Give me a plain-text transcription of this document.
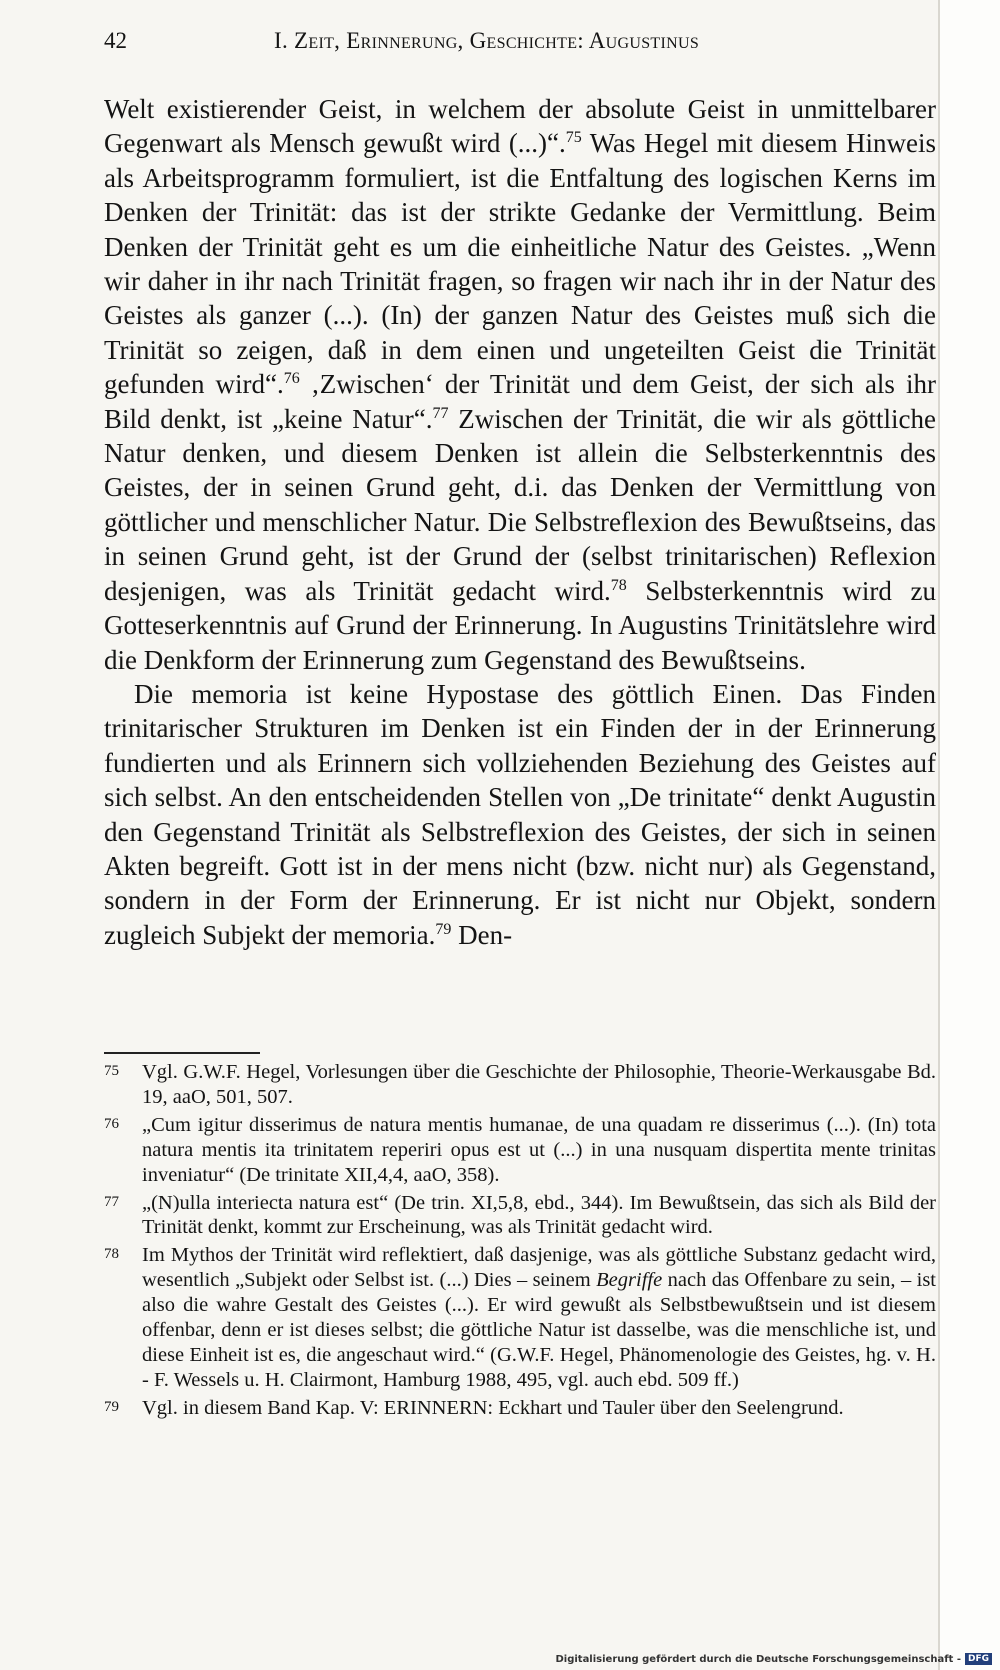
42	I. Zeit, Erinnerung, Geschichte: Augustinus

Welt existierender Geist, in welchem der absolute Geist in unmittelbarer Gegenwart als Mensch gewußt wird (...)“.$^{75}$ Was Hegel mit diesem Hinweis als Arbeitsprogramm formuliert, ist die Entfaltung des logischen Kerns im Denken der Trinität: das ist der strikte Gedanke der Vermittlung. Beim Denken der Trinität geht es um die einheitliche Natur des Geistes. „Wenn wir daher in ihr nach Trinität fragen, so fragen wir nach ihr in der Natur des Geistes als ganzer (...). (In) der ganzen Natur des Geistes muß sich die Trinität so zeigen, daß in dem einen und ungeteilten Geist die Trinität gefunden wird“.$^{76}$ ‚Zwischen‘ der Trinität und dem Geist, der sich als ihr Bild denkt, ist „keine Natur“.$^{77}$ Zwischen der Trinität, die wir als göttliche Natur denken, und diesem Denken ist allein die Selbsterkenntnis des Geistes, der in seinen Grund geht, d.i. das Denken der Vermittlung von göttlicher und menschlicher Natur. Die Selbstreflexion des Bewußtseins, das in seinen Grund geht, ist der Grund der (selbst trinitarischen) Reflexion desjenigen, was als Trinität gedacht wird.$^{78}$ Selbsterkenntnis wird zu Gotteserkenntnis auf Grund der Erinnerung. In Augustins Trinitätslehre wird die Denkform der Erinnerung zum Gegenstand des Bewußtseins.

Die memoria ist keine Hypostase des göttlich Einen. Das Finden trinitarischer Strukturen im Denken ist ein Finden der in der Erinnerung fundierten und als Erinnern sich vollziehenden Beziehung des Geistes auf sich selbst. An den entscheidenden Stellen von „De trinitate“ denkt Augustin den Gegenstand Trinität als Selbstreflexion des Geistes, der sich in seinen Akten begreift. Gott ist in der mens nicht (bzw. nicht nur) als Gegenstand, sondern in der Form der Erinnerung. Er ist nicht nur Objekt, sondern zugleich Subjekt der memoria.$^{79}$ Den-

75	Vgl. G.W.F. Hegel, Vorlesungen über die Geschichte der Philosophie, Theorie-Werkausgabe Bd. 19, aaO, 501, 507.
76	„Cum igitur disserimus de natura mentis humanae, de una quadam re disserimus (...). (In) tota natura mentis ita trinitatem reperiri opus est ut (...) in una nusquam dispertita mente trinitas inveniatur“ (De trinitate XII,4,4, aaO, 358).
77	„(N)ulla interiecta natura est“ (De trin. XI,5,8, ebd., 344). Im Bewußtsein, das sich als Bild der Trinität denkt, kommt zur Erscheinung, was als Trinität gedacht wird.
78	Im Mythos der Trinität wird reflektiert, daß dasjenige, was als göttliche Substanz gedacht wird, wesentlich „Subjekt oder Selbst ist. (...) Dies – seinem Begriffe nach das Offenbare zu sein, – ist also die wahre Gestalt des Geistes (...). Er wird gewußt als Selbstbewußtsein und ist diesem offenbar, denn er ist dieses selbst; die göttliche Natur ist dasselbe, was die menschliche ist, und diese Einheit ist es, die angeschaut wird.“ (G.W.F. Hegel, Phänomenologie des Geistes, hg. v. H. - F. Wessels u. H. Clairmont, Hamburg 1988, 495, vgl. auch ebd. 509 ff.)
79	Vgl. in diesem Band Kap. V: ERINNERN: Eckhart und Tauler über den Seelengrund.
Digitalisierung gefördert durch die Deutsche Forschungsgemeinschaft - DFG
